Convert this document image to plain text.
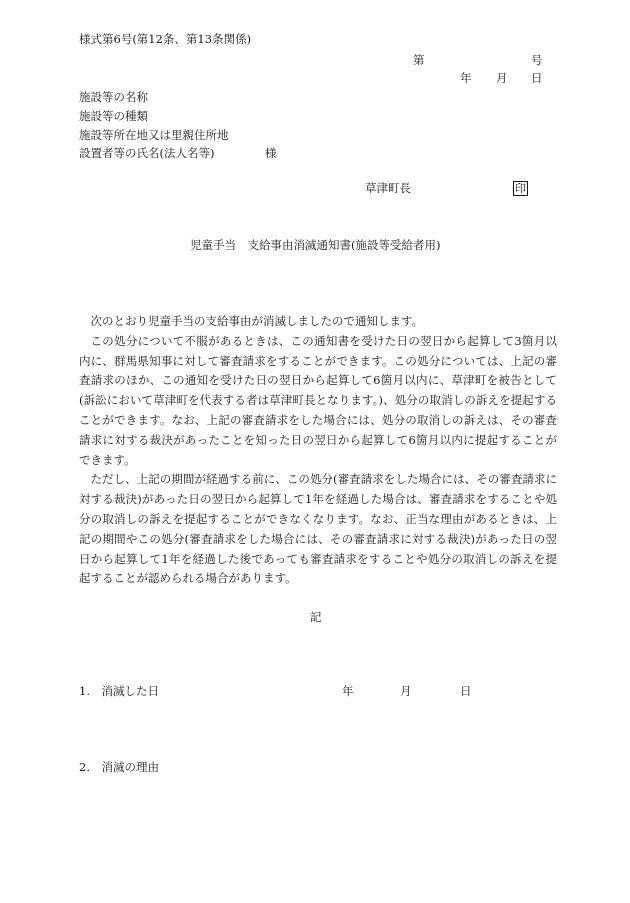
様式第6号(第12条、第13条関係)
第	号
年 月 日
施設等の名称
施設等の種類
施設等所在地又は里親住所地
設置者等の氏名(法人名等)	様
草津町長	印
児童手当　支給事由消滅通知書(施設等受給者用)

次のとおり児童手当の支給事由が消滅しましたので通知します。

この処分について不服があるときは、この通知書を受けた日の翌日から起算して3箇月以内に、群馬県知事に対して審査請求をすることができます。この処分については、上記の審査請求のほか、この通知を受けた日の翌日から起算して6箇月以内に、草津町を被告として(訴訟において草津町を代表する者は草津町長となります。)、処分の取消しの訴えを提起することができます。なお、上記の審査請求をした場合には、処分の取消しの訴えは、その審査請求に対する裁決があったことを知った日の翌日から起算して6箇月以内に提起することができます。

ただし、上記の期間が経過する前に、この処分(審査請求をした場合には、その審査請求に対する裁決)があった日の翌日から起算して1年を経過した場合は、審査請求をすることや処分の取消しの訴えを提起することができなくなります。なお、正当な理由があるときは、上記の期間やこの処分(審査請求をした場合には、その審査請求に対する裁決)があった日の翌日から起算して1年を経過した後であっても審査請求をすることや処分の取消しの訴えを提起することが認められる場合があります。

記
1.　消滅した日	年	月	日
2.　消滅の理由
